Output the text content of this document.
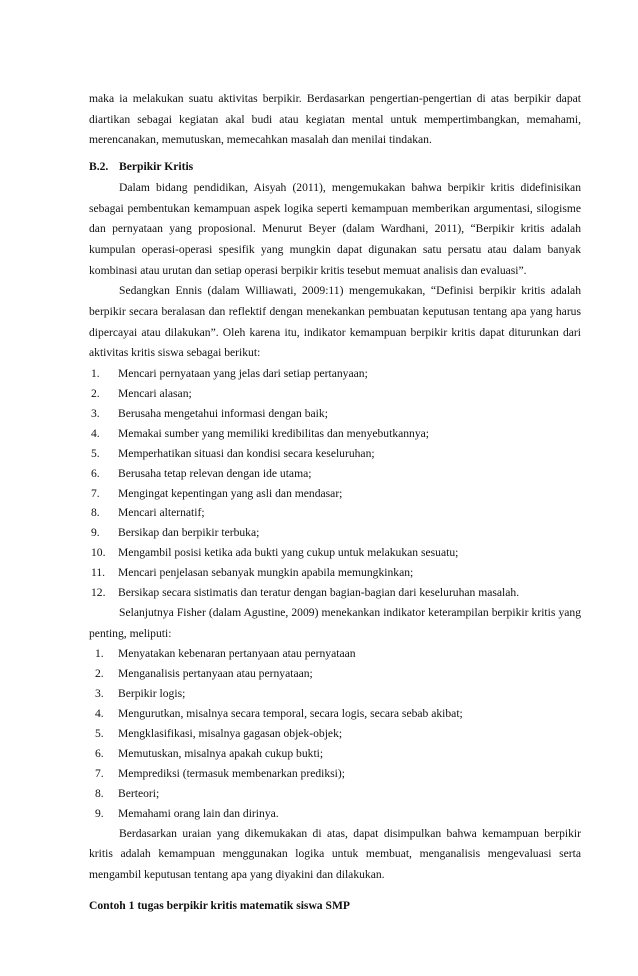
maka ia melakukan suatu aktivitas berpikir. Berdasarkan pengertian-pengertian di atas berpikir dapat diartikan sebagai kegiatan akal budi atau kegiatan mental untuk mempertimbangkan, memahami, merencanakan, memutuskan, memecahkan masalah dan menilai tindakan.

B.2. Berpikir Kritis

Dalam bidang pendidikan, Aisyah (2011), mengemukakan bahwa berpikir kritis didefinisikan sebagai pembentukan kemampuan aspek logika seperti kemampuan memberikan argumentasi, silogisme dan pernyataan yang proposional. Menurut Beyer (dalam Wardhani, 2011), “Berpikir kritis adalah kumpulan operasi-operasi spesifik yang mungkin dapat digunakan satu persatu atau dalam banyak kombinasi atau urutan dan setiap operasi berpikir kritis tesebut memuat analisis dan evaluasi”.

Sedangkan Ennis (dalam Williawati, 2009:11) mengemukakan, “Definisi berpikir kritis adalah berpikir secara beralasan dan reflektif dengan menekankan pembuatan keputusan tentang apa yang harus dipercayai atau dilakukan”. Oleh karena itu, indikator kemampuan berpikir kritis dapat diturunkan dari aktivitas kritis siswa sebagai berikut:

1.	Mencari pernyataan yang jelas dari setiap pertanyaan;
2.	Mencari alasan;
3.	Berusaha mengetahui informasi dengan baik;
4.	Memakai sumber yang memiliki kredibilitas dan menyebutkannya;
5.	Memperhatikan situasi dan kondisi secara keseluruhan;
6.	Berusaha tetap relevan dengan ide utama;
7.	Mengingat kepentingan yang asli dan mendasar;
8.	Mencari alternatif;
9.	Bersikap dan berpikir terbuka;
10.	Mengambil posisi ketika ada bukti yang cukup untuk melakukan sesuatu;
11.	Mencari penjelasan sebanyak mungkin apabila memungkinkan;
12.	Bersikap secara sistimatis dan teratur dengan bagian-bagian dari keseluruhan masalah.

Selanjutnya Fisher (dalam Agustine, 2009) menekankan indikator keterampilan berpikir kritis yang penting, meliputi:

1.	Menyatakan kebenaran pertanyaan atau pernyataan
2.	Menganalisis pertanyaan atau pernyataan;
3.	Berpikir logis;
4.	Mengurutkan, misalnya secara temporal, secara logis, secara sebab akibat;
5.	Mengklasifikasi, misalnya gagasan objek-objek;
6.	Memutuskan, misalnya apakah cukup bukti;
7.	Memprediksi (termasuk membenarkan prediksi);
8.	Berteori;
9.	Memahami orang lain dan dirinya.

Berdasarkan uraian yang dikemukakan di atas, dapat disimpulkan bahwa kemampuan berpikir kritis adalah kemampuan menggunakan logika untuk membuat, menganalisis mengevaluasi serta mengambil keputusan tentang apa yang diyakini dan dilakukan.

Contoh 1 tugas berpikir kritis matematik siswa SMP
